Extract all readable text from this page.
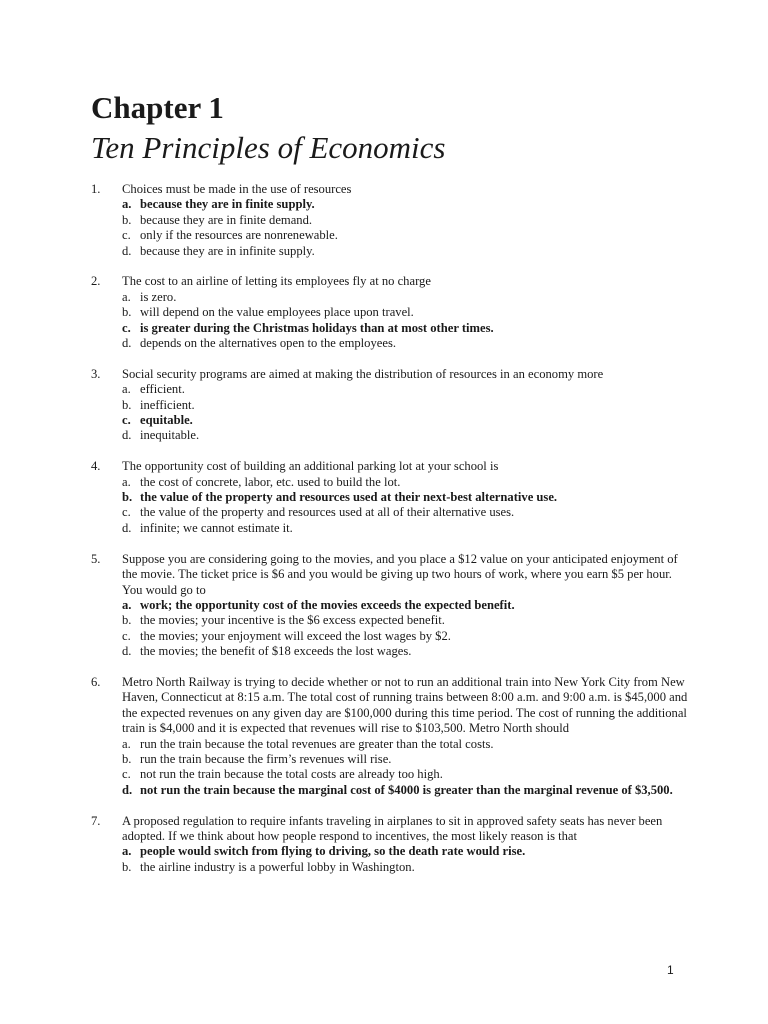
Chapter 1
Ten Principles of Economics
1. Choices must be made in the use of resources
a. because they are in finite supply.
b. because they are in finite demand.
c. only if the resources are nonrenewable.
d. because they are in infinite supply.
2. The cost to an airline of letting its employees fly at no charge
a. is zero.
b. will depend on the value employees place upon travel.
c. is greater during the Christmas holidays than at most other times.
d. depends on the alternatives open to the employees.
3. Social security programs are aimed at making the distribution of resources in an economy more
a. efficient.
b. inefficient.
c. equitable.
d. inequitable.
4. The opportunity cost of building an additional parking lot at your school is
a. the cost of concrete, labor, etc. used to build the lot.
b. the value of the property and resources used at their next-best alternative use.
c. the value of the property and resources used at all of their alternative uses.
d. infinite; we cannot estimate it.
5. Suppose you are considering going to the movies, and you place a $12 value on your anticipated enjoyment of the movie. The ticket price is $6 and you would be giving up two hours of work, where you earn $5 per hour. You would go to
a. work; the opportunity cost of the movies exceeds the expected benefit.
b. the movies; your incentive is the $6 excess expected benefit.
c. the movies; your enjoyment will exceed the lost wages by $2.
d. the movies; the benefit of $18 exceeds the lost wages.
6. Metro North Railway is trying to decide whether or not to run an additional train into New York City from New Haven, Connecticut at 8:15 a.m. The total cost of running trains between 8:00 a.m. and 9:00 a.m. is $45,000 and the expected revenues on any given day are $100,000 during this time period. The cost of running the additional train is $4,000 and it is expected that revenues will rise to $103,500. Metro North should
a. run the train because the total revenues are greater than the total costs.
b. run the train because the firm’s revenues will rise.
c. not run the train because the total costs are already too high.
d. not run the train because the marginal cost of $4000 is greater than the marginal revenue of $3,500.
7. A proposed regulation to require infants traveling in airplanes to sit in approved safety seats has never been adopted. If we think about how people respond to incentives, the most likely reason is that
a. people would switch from flying to driving, so the death rate would rise.
b. the airline industry is a powerful lobby in Washington.
1
